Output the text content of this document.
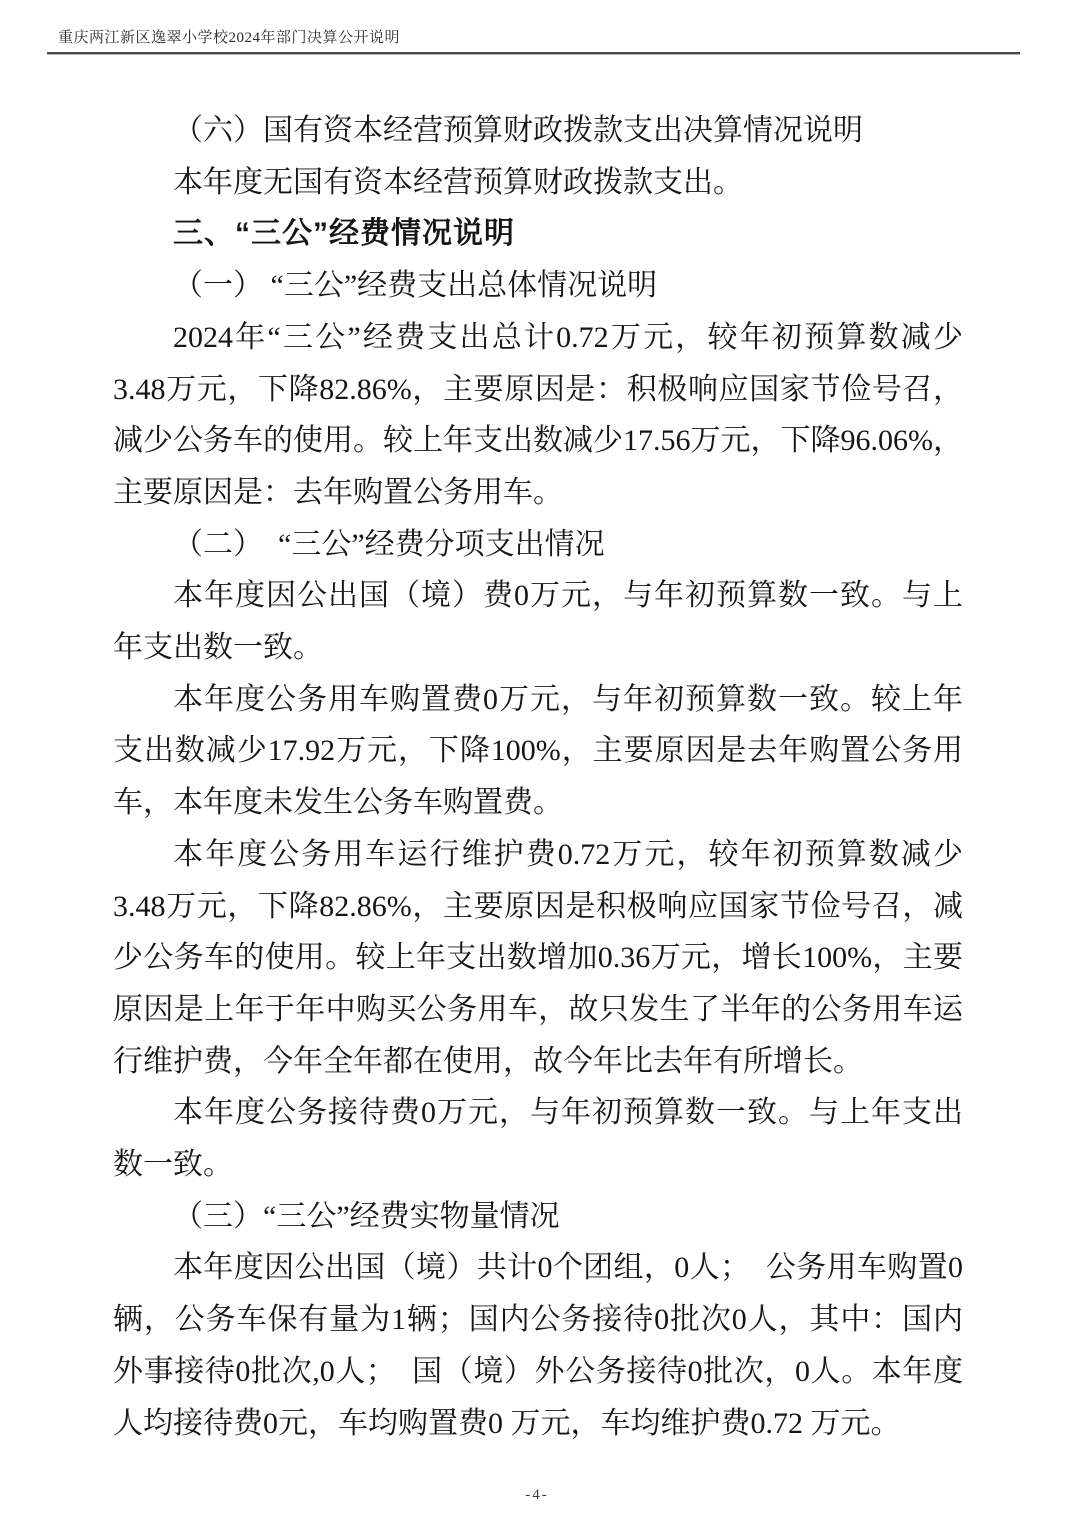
重庆两江新区逸翠小学校2024年部门决算公开说明

（六）国有资本经营预算财政拨款支出决算情况说明

本年度无国有资本经营预算财政拨款支出。

三、“三公”经费情况说明

（一） “三公”经费支出总体情况说明

2024年“三公”经费支出总计0.72万元，较年初预算数减少3.48万元，下降82.86%，主要原因是：积极响应国家节俭号召，减少公务车的使用。较上年支出数减少17.56万元，下降96.06%，主要原因是：去年购置公务用车。

（二）　“三公”经费分项支出情况

本年度因公出国（境）费0万元，与年初预算数一致。与上年支出数一致。

本年度公务用车购置费0万元，与年初预算数一致。较上年支出数减少17.92万元，下降100%，主要原因是去年购置公务用车，本年度未发生公务车购置费。

本年度公务用车运行维护费0.72万元，较年初预算数减少3.48万元，下降82.86%，主要原因是积极响应国家节俭号召，减少公务车的使用。较上年支出数增加0.36万元，增长100%，主要原因是上年于年中购买公务用车，故只发生了半年的公务用车运行维护费，今年全年都在使用，故今年比去年有所增长。

本年度公务接待费0万元，与年初预算数一致。与上年支出数一致。

（三）“三公”经费实物量情况

本年度因公出国（境）共计0个团组，0人；　公务用车购置0辆，公务车保有量为1辆；国内公务接待0批次0人，其中：国内外事接待0批次,0人；　国（境）外公务接待0批次，0人。本年度人均接待费0元，车均购置费0 万元，车均维护费0.72 万元。

-4-
